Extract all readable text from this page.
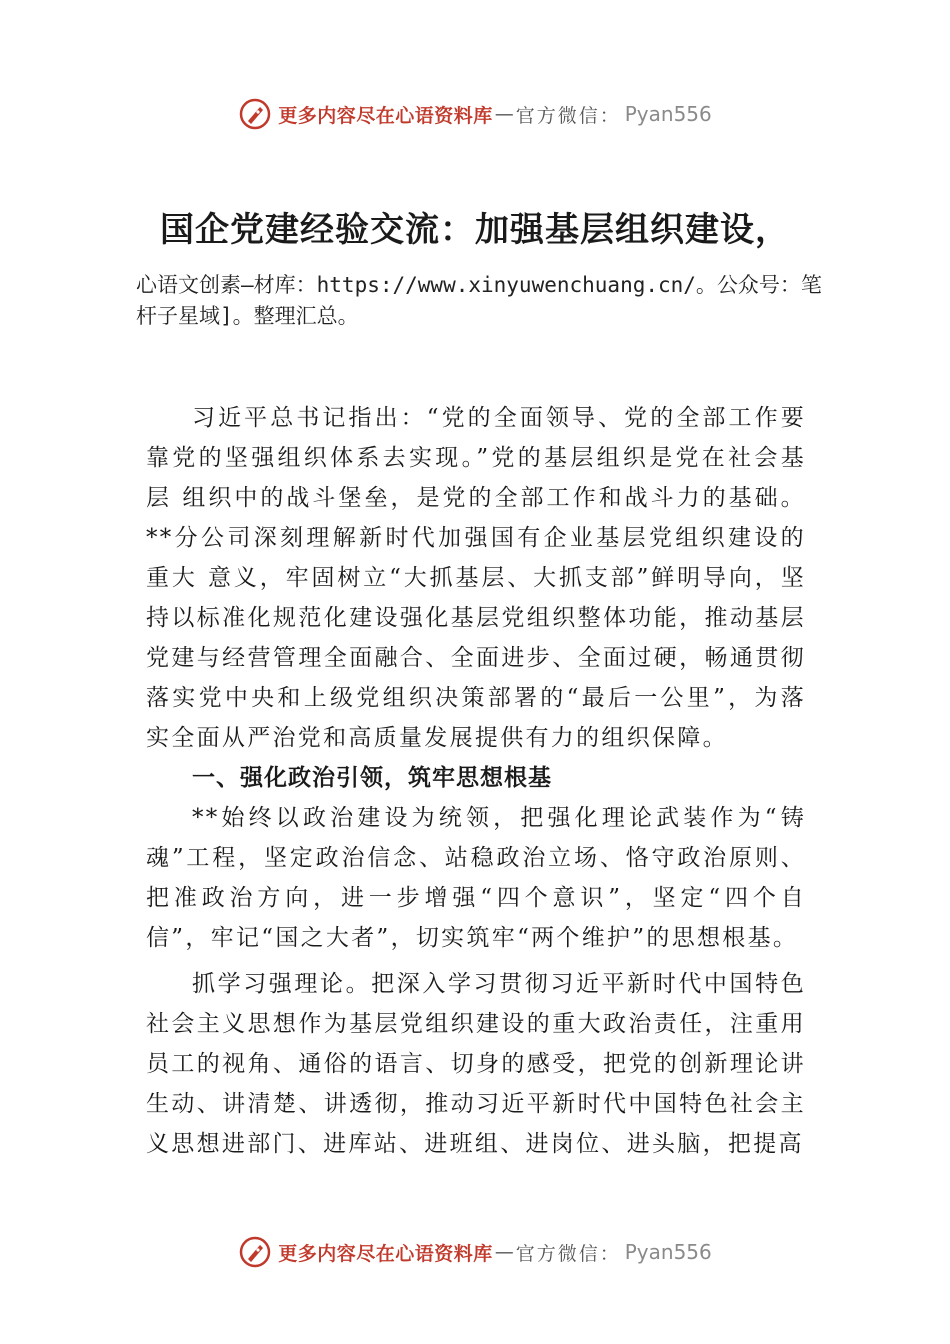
更多内容尽在心语资料库 — 官方微信： Pyan556
国企党建经验交流：加强基层组织建设，
心语文创素—材库：https://www.xinyuwenchuang.cn/。公众号：笔杆子星域]。整理汇总。

习近平总书记指出：“党的全面领导、党的全部工作要靠党的坚强组织体系去实现。”党的基层组织是党在社会基层 组织中的战斗堡垒，是党的全部工作和战斗力的基础。**分公司深刻理解新时代加强国有企业基层党组织建设的重大 意义，牢固树立“大抓基层、大抓支部”鲜明导向，坚持以标准化规范化建设强化基层党组织整体功能，推动基层党建与经营管理全面融合、全面进步、全面过硬，畅通贯彻落实党中央和上级党组织决策部署的“最后一公里”，为落实全面从严治党和高质量发展提供有力的组织保障。

一、强化政治引领，筑牢思想根基

**始终以政治建设为统领，把强化理论武装作为“铸魂”工程，坚定政治信念、站稳政治立场、恪守政治原则、把准政治方向，进一步增强“四个意识”，坚定“四个自信”，牢记“国之大者”，切实筑牢“两个维护”的思想根基。

抓学习强理论。把深入学习贯彻习近平新时代中国特色社会主义思想作为基层党组织建设的重大政治责任，注重用员工的视角、通俗的语言、切身的感受，把党的创新理论讲生动、讲清楚、讲透彻，推动习近平新时代中国特色社会主义思想进部门、进库站、进班组、进岗位、进头脑，把提高

更多内容尽在心语资料库 — 官方微信： Pyan556
